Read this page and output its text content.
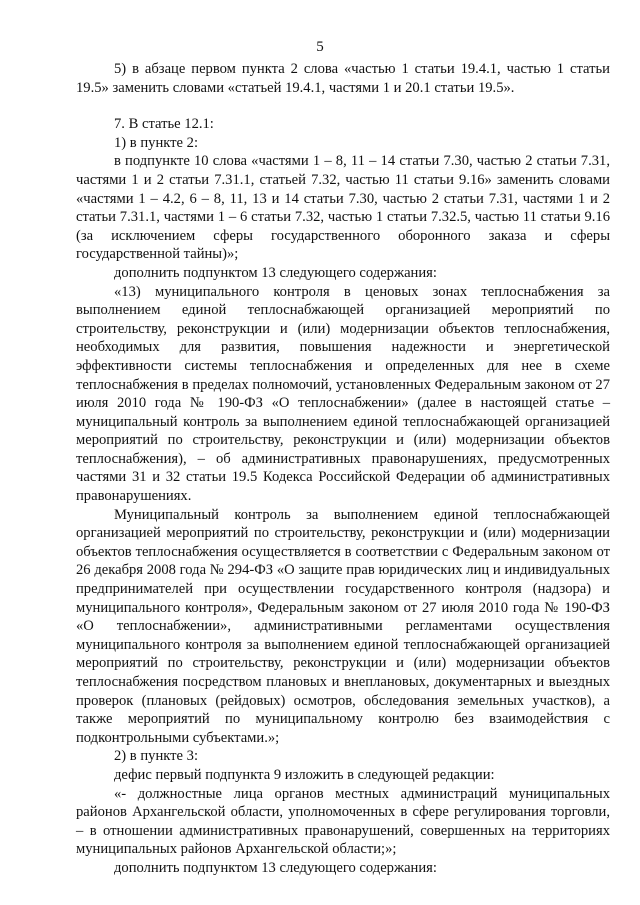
5

5) в абзаце первом пункта 2 слова «частью 1 статьи 19.4.1, частью 1 статьи 19.5» заменить словами «статьей 19.4.1, частями 1 и 20.1 статьи 19.5».

7. В статье 12.1:

1) в пункте 2:

в подпункте 10 слова «частями 1 – 8, 11 – 14 статьи 7.30, частью 2 статьи 7.31, частями 1 и 2 статьи 7.31.1, статьей 7.32, частью 11 статьи 9.16» заменить словами «частями 1 – 4.2, 6 – 8, 11, 13 и 14 статьи 7.30, частью 2 статьи 7.31, частями 1 и 2 статьи 7.31.1, частями 1 – 6 статьи 7.32, частью 1 статьи 7.32.5, частью 11 статьи 9.16 (за исключением сферы государственного оборонного заказа и сферы государственной тайны)»;

дополнить подпунктом 13 следующего содержания:

«13) муниципального контроля в ценовых зонах теплоснабжения за выполнением единой теплоснабжающей организацией мероприятий по строительству, реконструкции и (или) модернизации объектов теплоснабжения, необходимых для развития, повышения надежности и энергетической эффективности системы теплоснабжения и определенных для нее в схеме теплоснабжения в пределах полномочий, установленных Федеральным законом от 27 июля 2010 года № 190-ФЗ «О теплоснабжении» (далее в настоящей статье – муниципальный контроль за выполнением единой теплоснабжающей организацией мероприятий по строительству, реконструкции и (или) модернизации объектов теплоснабжения), – об административных правонарушениях, предусмотренных частями 31 и 32 статьи 19.5 Кодекса Российской Федерации об административных правонарушениях.

Муниципальный контроль за выполнением единой теплоснабжающей организацией мероприятий по строительству, реконструкции и (или) модернизации объектов теплоснабжения осуществляется в соответствии с Федеральным законом от 26 декабря 2008 года № 294-ФЗ «О защите прав юридических лиц и индивидуальных предпринимателей при осуществлении государственного контроля (надзора) и муниципального контроля», Федеральным законом от 27 июля 2010 года № 190-ФЗ «О теплоснабжении», административными регламентами осуществления муниципального контроля за выполнением единой теплоснабжающей организацией мероприятий по строительству, реконструкции и (или) модернизации объектов теплоснабжения посредством плановых и внеплановых, документарных и выездных проверок (плановых (рейдовых) осмотров, обследования земельных участков), а также мероприятий по муниципальному контролю без взаимодействия с подконтрольными субъектами.»;

2) в пункте 3:

дефис первый подпункта 9 изложить в следующей редакции:

«- должностные лица органов местных администраций муниципальных районов Архангельской области, уполномоченных в сфере регулирования торговли, – в отношении административных правонарушений, совершенных на территориях муниципальных районов Архангельской области;»;

дополнить подпунктом 13 следующего содержания:
